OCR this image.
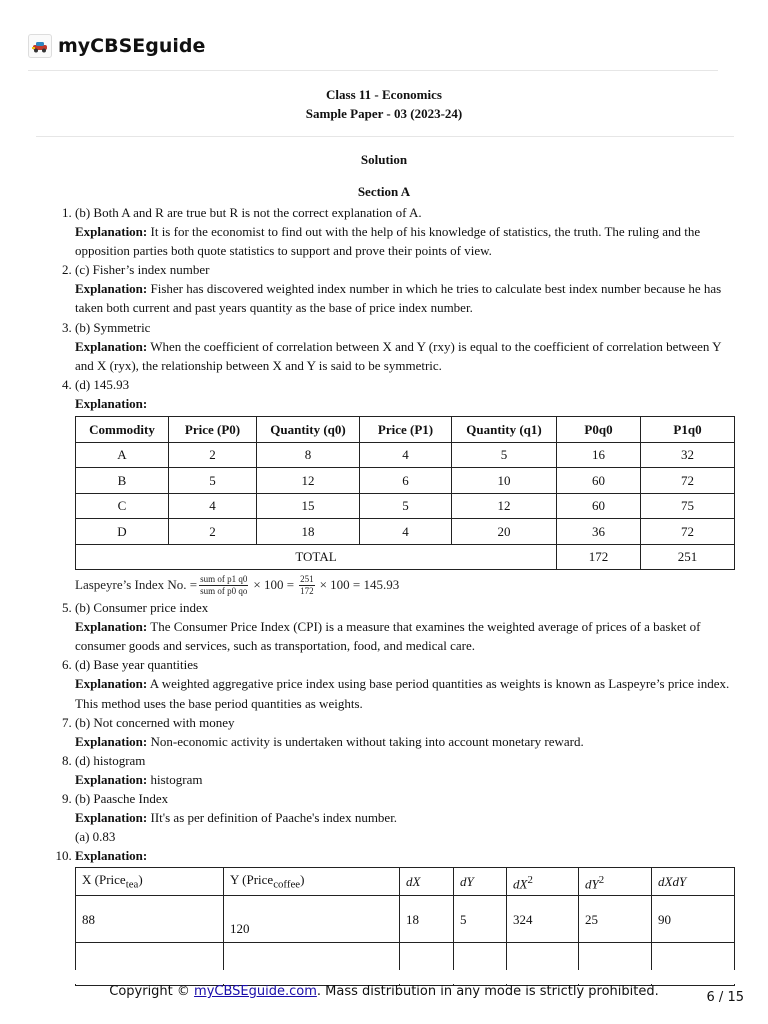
myCBSEguide
Class 11 - Economics
Sample Paper - 03 (2023-24)
Solution
Section A
1. (b) Both A and R are true but R is not the correct explanation of A.
Explanation: It is for the economist to find out with the help of his knowledge of statistics, the truth. The ruling and the opposition parties both quote statistics to support and prove their points of view.
2. (c) Fisher’s index number
Explanation: Fisher has discovered weighted index number in which he tries to calculate best index number because he has taken both current and past years quantity as the base of price index number.
3. (b) Symmetric
Explanation: When the coefficient of correlation between X and Y (rxy) is equal to the coefficient of correlation between Y and X (ryx), the relationship between X and Y is said to be symmetric.
4. (d) 145.93
Explanation:
Commodity	Price (P0)	Quantity (q0)	Price (P1)	Quantity (q1)	P0q0	P1q0
A	2	8	4	5	16	32
B	5	12	6	10	60	72
C	4	15	5	12	60	75
D	2	18	4	20	36	72
TOTAL					172	251
Laspeyre’s Index No. = $\frac{\text{sum of p1 q0}}{\text{sum of p0 qo}} \times 100 = \frac{251}{172} \times 100 = 145.93$
5. (b) Consumer price index
Explanation: The Consumer Price Index (CPI) is a measure that examines the weighted average of prices of a basket of consumer goods and services, such as transportation, food, and medical care.
6. (d) Base year quantities
Explanation: A weighted aggregative price index using base period quantities as weights is known as Laspeyre’s price index.
This method uses the base period quantities as weights.
7. (b) Not concerned with money
Explanation: Non-economic activity is undertaken without taking into account monetary reward.
8. (d) histogram
Explanation: histogram
9. (b) Paasche Index
Explanation: IIt's as per definition of Paache's index number.
(a) 0.83
10. Explanation:
X (Price$_{tea}$)	Y (Price$_{coffee}$)	dX	dY	$dX^2$	$dY^2$	dXdY
88	120	18	5	324	25	90

Copyright © myCBSEguide.com. Mass distribution in any mode is strictly prohibited.	6 / 15
